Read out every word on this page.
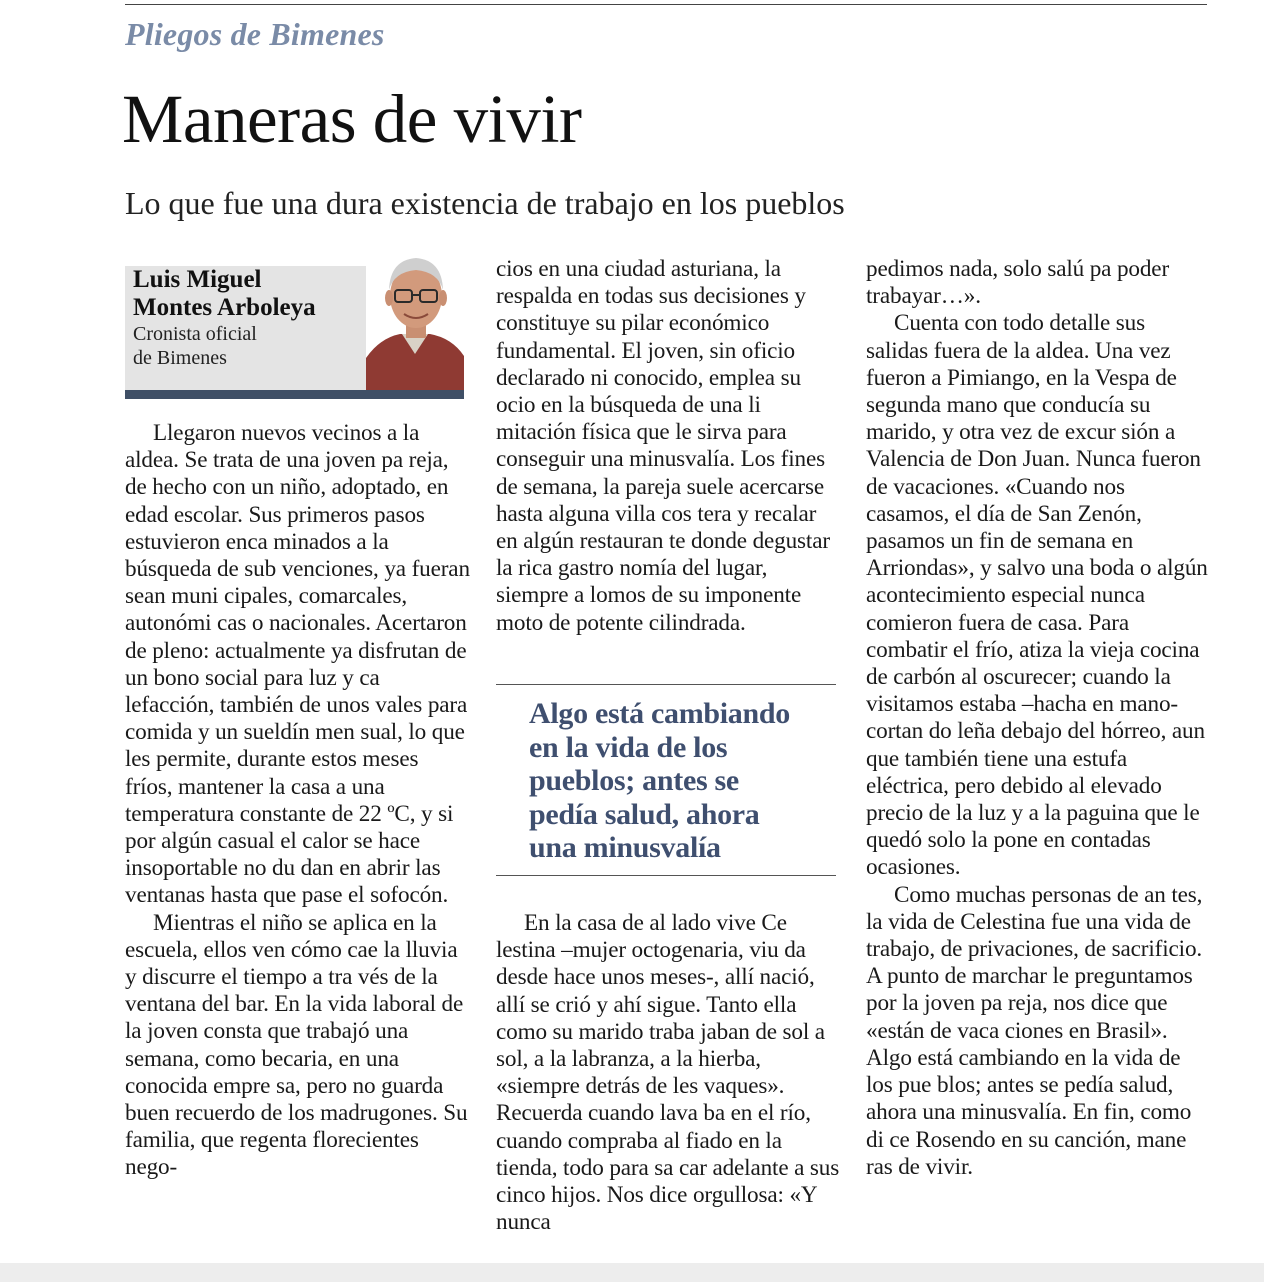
Pliegos de Bimenes
Maneras de vivir
Lo que fue una dura existencia de trabajo en los pueblos
Luis Miguel
Montes Arboleya
Cronista oficial
de Bimenes

Llegaron nuevos vecinos a la aldea. Se trata de una joven pa reja, de hecho con un niño, adoptado, en edad escolar. Sus primeros pasos estuvieron enca minados a la búsqueda de sub venciones, ya fueran sean muni cipales, comarcales, autonómi cas o nacionales. Acertaron de pleno: actualmente ya disfrutan de un bono social para luz y ca lefacción, también de unos vales para comida y un sueldín men sual, lo que les permite, durante estos meses fríos, mantener la casa a una temperatura constante de 22 ºC, y si por algún casual el calor se hace insoportable no du dan en abrir las ventanas hasta que pase el sofocón.

Mientras el niño se aplica en la escuela, ellos ven cómo cae la lluvia y discurre el tiempo a tra vés de la ventana del bar. En la vida laboral de la joven consta que trabajó una semana, como becaria, en una conocida empre sa, pero no guarda buen recuerdo de los madrugones. Su familia, que regenta florecientes nego-

cios en una ciudad asturiana, la respalda en todas sus decisiones y constituye su pilar económico fundamental. El joven, sin oficio declarado ni conocido, emplea su ocio en la búsqueda de una li mitación física que le sirva para conseguir una minusvalía. Los fines de semana, la pareja suele acercarse hasta alguna villa cos tera y recalar en algún restauran te donde degustar la rica gastro nomía del lugar, siempre a lomos de su imponente moto de potente cilindrada.

Algo está cambiando
en la vida de los
pueblos; antes se
pedía salud, ahora
una minusvalía

En la casa de al lado vive Ce lestina –mujer octogenaria, viu da desde hace unos meses-, allí nació, allí se crió y ahí sigue. Tanto ella como su marido traba jaban de sol a sol, a la labranza, a la hierba, «siempre detrás de les vaques». Recuerda cuando lava ba en el río, cuando compraba al fiado en la tienda, todo para sa car adelante a sus cinco hijos. Nos dice orgullosa: «Y nunca

pedimos nada, solo salú pa poder trabayar…».

Cuenta con todo detalle sus salidas fuera de la aldea. Una vez fueron a Pimiango, en la Vespa de segunda mano que conducía su marido, y otra vez de excur sión a Valencia de Don Juan. Nunca fueron de vacaciones. «Cuando nos casamos, el día de San Zenón, pasamos un fin de semana en Arriondas», y salvo una boda o algún acontecimiento especial nunca comieron fuera de casa. Para combatir el frío, atiza la vieja cocina de carbón al oscurecer; cuando la visitamos estaba –hacha en mano- cortan do leña debajo del hórreo, aun que también tiene una estufa eléctrica, pero debido al elevado precio de la luz y a la paguina que le quedó solo la pone en contadas ocasiones.

Como muchas personas de an tes, la vida de Celestina fue una vida de trabajo, de privaciones, de sacrificio. A punto de marchar le preguntamos por la joven pa reja, nos dice que «están de vaca ciones en Brasil». Algo está cambiando en la vida de los pue blos; antes se pedía salud, ahora una minusvalía. En fin, como di ce Rosendo en su canción, mane ras de vivir.
